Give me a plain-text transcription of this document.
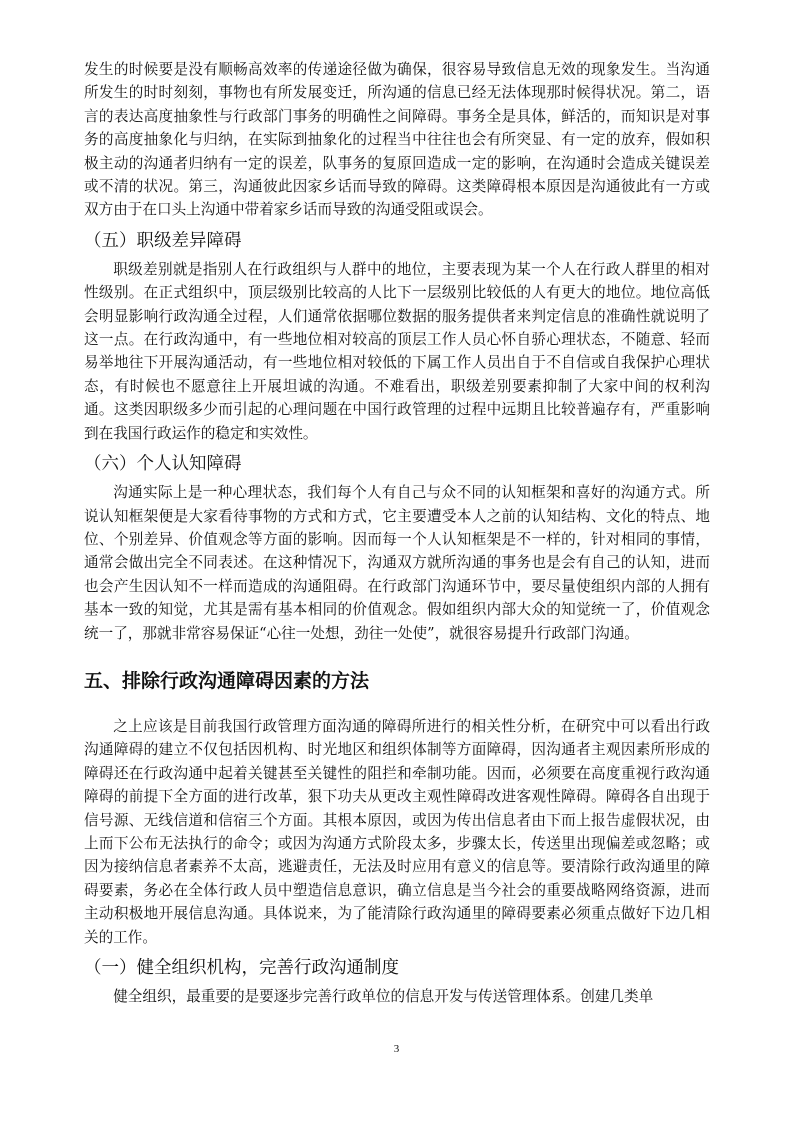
发生的时候要是没有顺畅高效率的传递途径做为确保，很容易导致信息无效的现象发生。当沟通所发生的时时刻刻，事物也有所发展变迁，所沟通的信息已经无法体现那时候得状况。第二，语言的表达高度抽象性与行政部门事务的明确性之间障碍。事务全是具体，鲜活的，而知识是对事务的高度抽象化与归纳，在实际到抽象化的过程当中往往也会有所突显、有一定的放弃，假如积极主动的沟通者归纳有一定的误差，队事务的复原回造成一定的影响，在沟通时会造成关键误差或不清的状况。第三，沟通彼此因家乡话而导致的障碍。这类障碍根本原因是沟通彼此有一方或双方由于在口头上沟通中带着家乡话而导致的沟通受阻或误会。

（五）职级差异障碍

职级差别就是指别人在行政组织与人群中的地位，主要表现为某一个人在行政人群里的相对性级别。在正式组织中，顶层级别比较高的人比下一层级别比较低的人有更大的地位。地位高低会明显影响行政沟通全过程，人们通常依据哪位数据的服务提供者来判定信息的准确性就说明了这一点。在行政沟通中，有一些地位相对较高的顶层工作人员心怀自骄心理状态，不随意、轻而易举地往下开展沟通活动，有一些地位相对较低的下属工作人员出自于不自信或自我保护心理状态，有时候也不愿意往上开展坦诚的沟通。不难看出，职级差别要素抑制了大家中间的权利沟通。这类因职级多少而引起的心理问题在中国行政管理的过程中远期且比较普遍存有，严重影响到在我国行政运作的稳定和实效性。

（六）个人认知障碍

沟通实际上是一种心理状态，我们每个人有自己与众不同的认知框架和喜好的沟通方式。所说认知框架便是大家看待事物的方式和方式，它主要遭受本人之前的认知结构、文化的特点、地位、个别差异、价值观念等方面的影响。因而每一个人认知框架是不一样的，针对相同的事情，通常会做出完全不同表述。在这种情况下，沟通双方就所沟通的事务也是会有自己的认知，进而也会产生因认知不一样而造成的沟通阻碍。在行政部门沟通环节中，要尽量使组织内部的人拥有基本一致的知觉，尤其是需有基本相同的价值观念。假如组织内部大众的知觉统一了，价值观念统一了，那就非常容易保证“心往一处想，劲往一处使”，就很容易提升行政部门沟通。

五、排除行政沟通障碍因素的方法

之上应该是目前我国行政管理方面沟通的障碍所进行的相关性分析，在研究中可以看出行政沟通障碍的建立不仅包括因机构、时光地区和组织体制等方面障碍，因沟通者主观因素所形成的障碍还在行政沟通中起着关键甚至关键性的阻拦和牵制功能。因而，必须要在高度重视行政沟通障碍的前提下全方面的进行改革，狠下功夫从更改主观性障碍改进客观性障碍。障碍各自出现于信号源、无线信道和信宿三个方面。其根本原因，或因为传出信息者由下而上报告虚假状况，由上而下公布无法执行的命令；或因为沟通方式阶段太多，步骤太长，传送里出现偏差或忽略；或因为接纳信息者素养不太高，逃避责任，无法及时应用有意义的信息等。要清除行政沟通里的障碍要素，务必在全体行政人员中塑造信息意识，确立信息是当今社会的重要战略网络资源，进而主动积极地开展信息沟通。具体说来，为了能清除行政沟通里的障碍要素必须重点做好下边几相关的工作。

（一）健全组织机构，完善行政沟通制度

健全组织，最重要的是要逐步完善行政单位的信息开发与传送管理体系。创建几类单

3
